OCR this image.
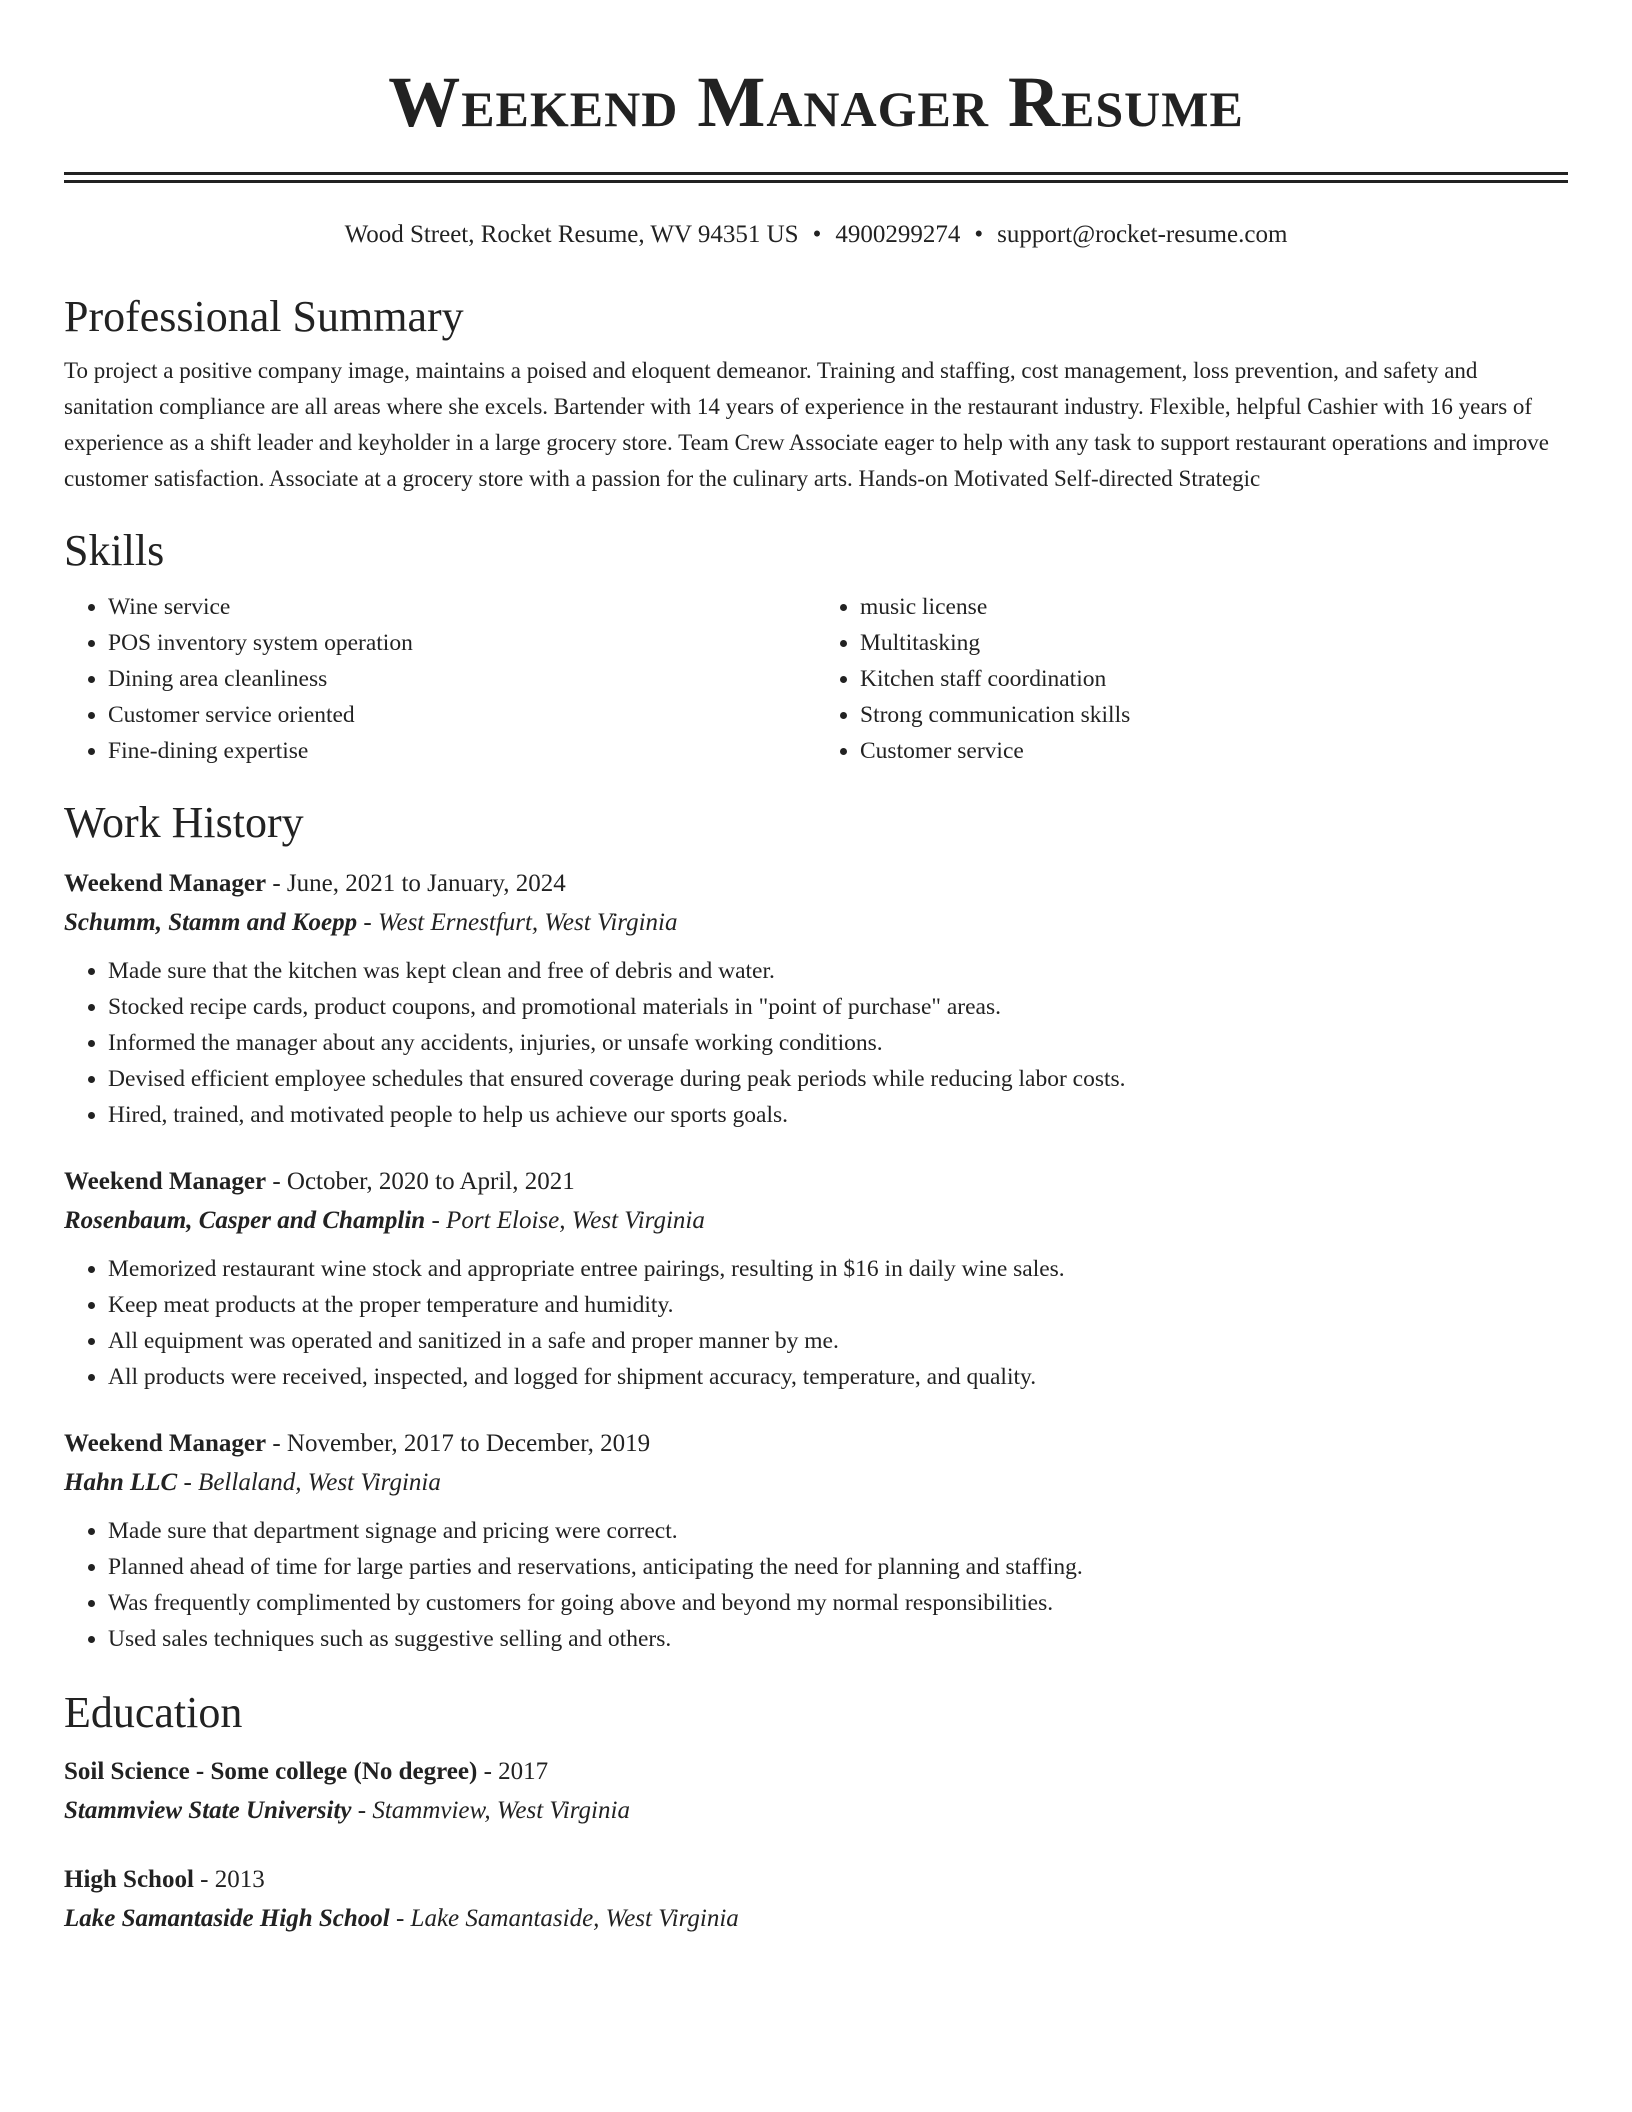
Weekend Manager Resume
Wood Street, Rocket Resume, WV 94351 US • 4900299274 • support@rocket-resume.com
Professional Summary
To project a positive company image, maintains a poised and eloquent demeanor. Training and staffing, cost management, loss prevention, and safety and sanitation compliance are all areas where she excels. Bartender with 14 years of experience in the restaurant industry. Flexible, helpful Cashier with 16 years of experience as a shift leader and keyholder in a large grocery store. Team Crew Associate eager to help with any task to support restaurant operations and improve customer satisfaction. Associate at a grocery store with a passion for the culinary arts. Hands-on Motivated Self-directed Strategic
Skills
• Wine service
• POS inventory system operation
• Dining area cleanliness
• Customer service oriented
• Fine-dining expertise
• music license
• Multitasking
• Kitchen staff coordination
• Strong communication skills
• Customer service
Work History
Weekend Manager - June, 2021 to January, 2024
Schumm, Stamm and Koepp - West Ernestfurt, West Virginia
• Made sure that the kitchen was kept clean and free of debris and water.
• Stocked recipe cards, product coupons, and promotional materials in "point of purchase" areas.
• Informed the manager about any accidents, injuries, or unsafe working conditions.
• Devised efficient employee schedules that ensured coverage during peak periods while reducing labor costs.
• Hired, trained, and motivated people to help us achieve our sports goals.
Weekend Manager - October, 2020 to April, 2021
Rosenbaum, Casper and Champlin - Port Eloise, West Virginia
• Memorized restaurant wine stock and appropriate entree pairings, resulting in $16 in daily wine sales.
• Keep meat products at the proper temperature and humidity.
• All equipment was operated and sanitized in a safe and proper manner by me.
• All products were received, inspected, and logged for shipment accuracy, temperature, and quality.
Weekend Manager - November, 2017 to December, 2019
Hahn LLC - Bellaland, West Virginia
• Made sure that department signage and pricing were correct.
• Planned ahead of time for large parties and reservations, anticipating the need for planning and staffing.
• Was frequently complimented by customers for going above and beyond my normal responsibilities.
• Used sales techniques such as suggestive selling and others.
Education
Soil Science - Some college (No degree) - 2017
Stammview State University - Stammview, West Virginia
High School - 2013
Lake Samantaside High School - Lake Samantaside, West Virginia
